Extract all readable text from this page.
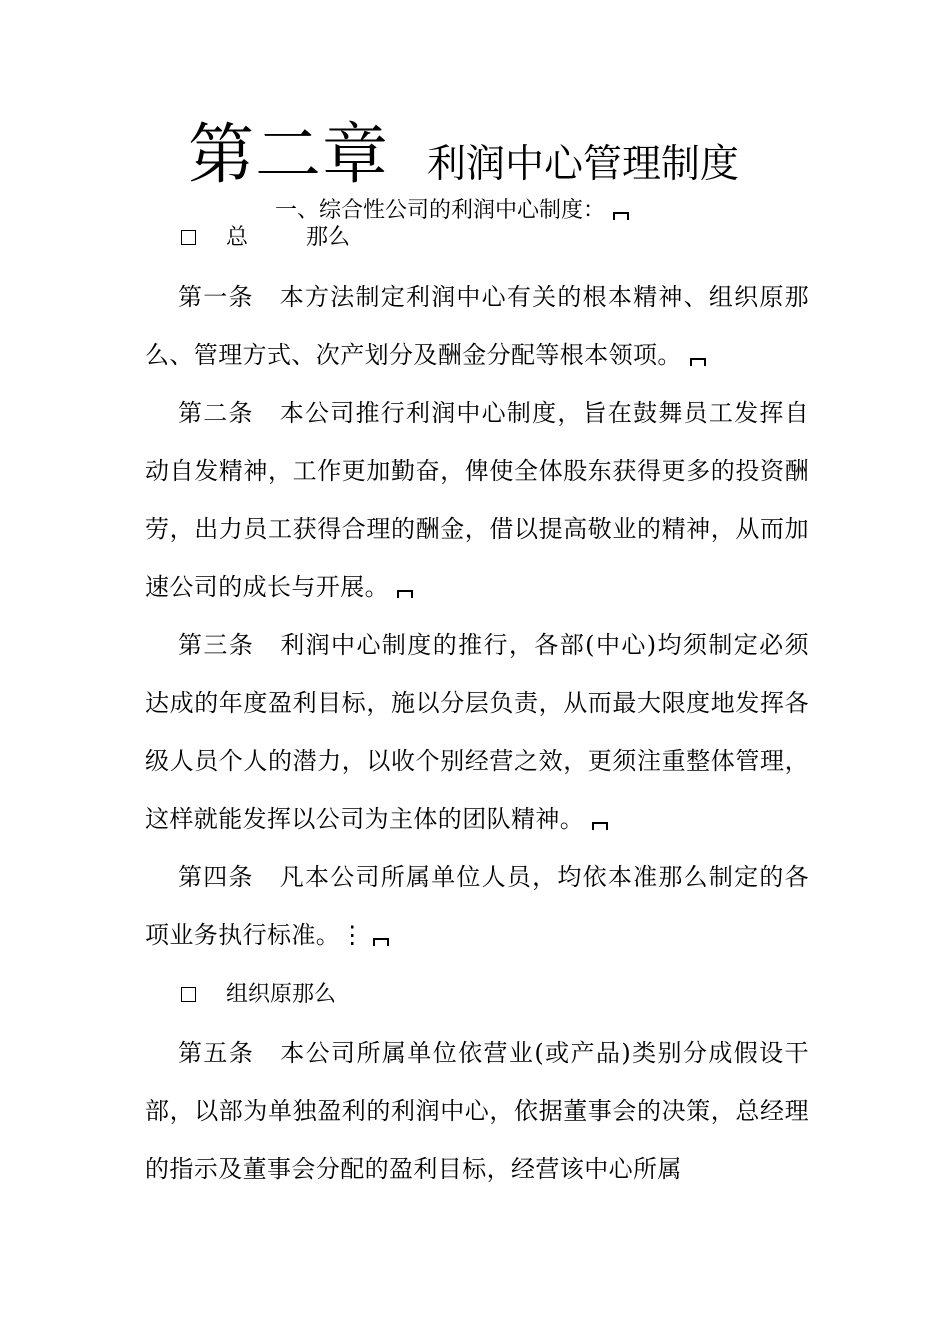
第二章 利润中心管理制度
一、综合性公司的利润中心制度：
总	那么
第一条 本方法制定利润中心有关的根本精神、组织原那么、管理方式、次产划分及酬金分配等根本领项。
第二条 本公司推行利润中心制度，旨在鼓舞员工发挥自动自发精神，工作更加勤奋，俾使全体股东获得更多的投资酬劳，出力员工获得合理的酬金，借以提高敬业的精神，从而加速公司的成长与开展。
第三条 利润中心制度的推行，各部(中心)均须制定必须达成的年度盈利目标，施以分层负责，从而最大限度地发挥各级人员个人的潜力，以收个别经营之效，更须注重整体管理，这样就能发挥以公司为主体的团队精神。
第四条 凡本公司所属单位人员，均依本准那么制定的各项业务执行标准。⋮
组织原那么
第五条 本公司所属单位依营业(或产品)类别分成假设干部，以部为单独盈利的利润中心，依据董事会的决策，总经理的指示及董事会分配的盈利目标，经营该中心所属
